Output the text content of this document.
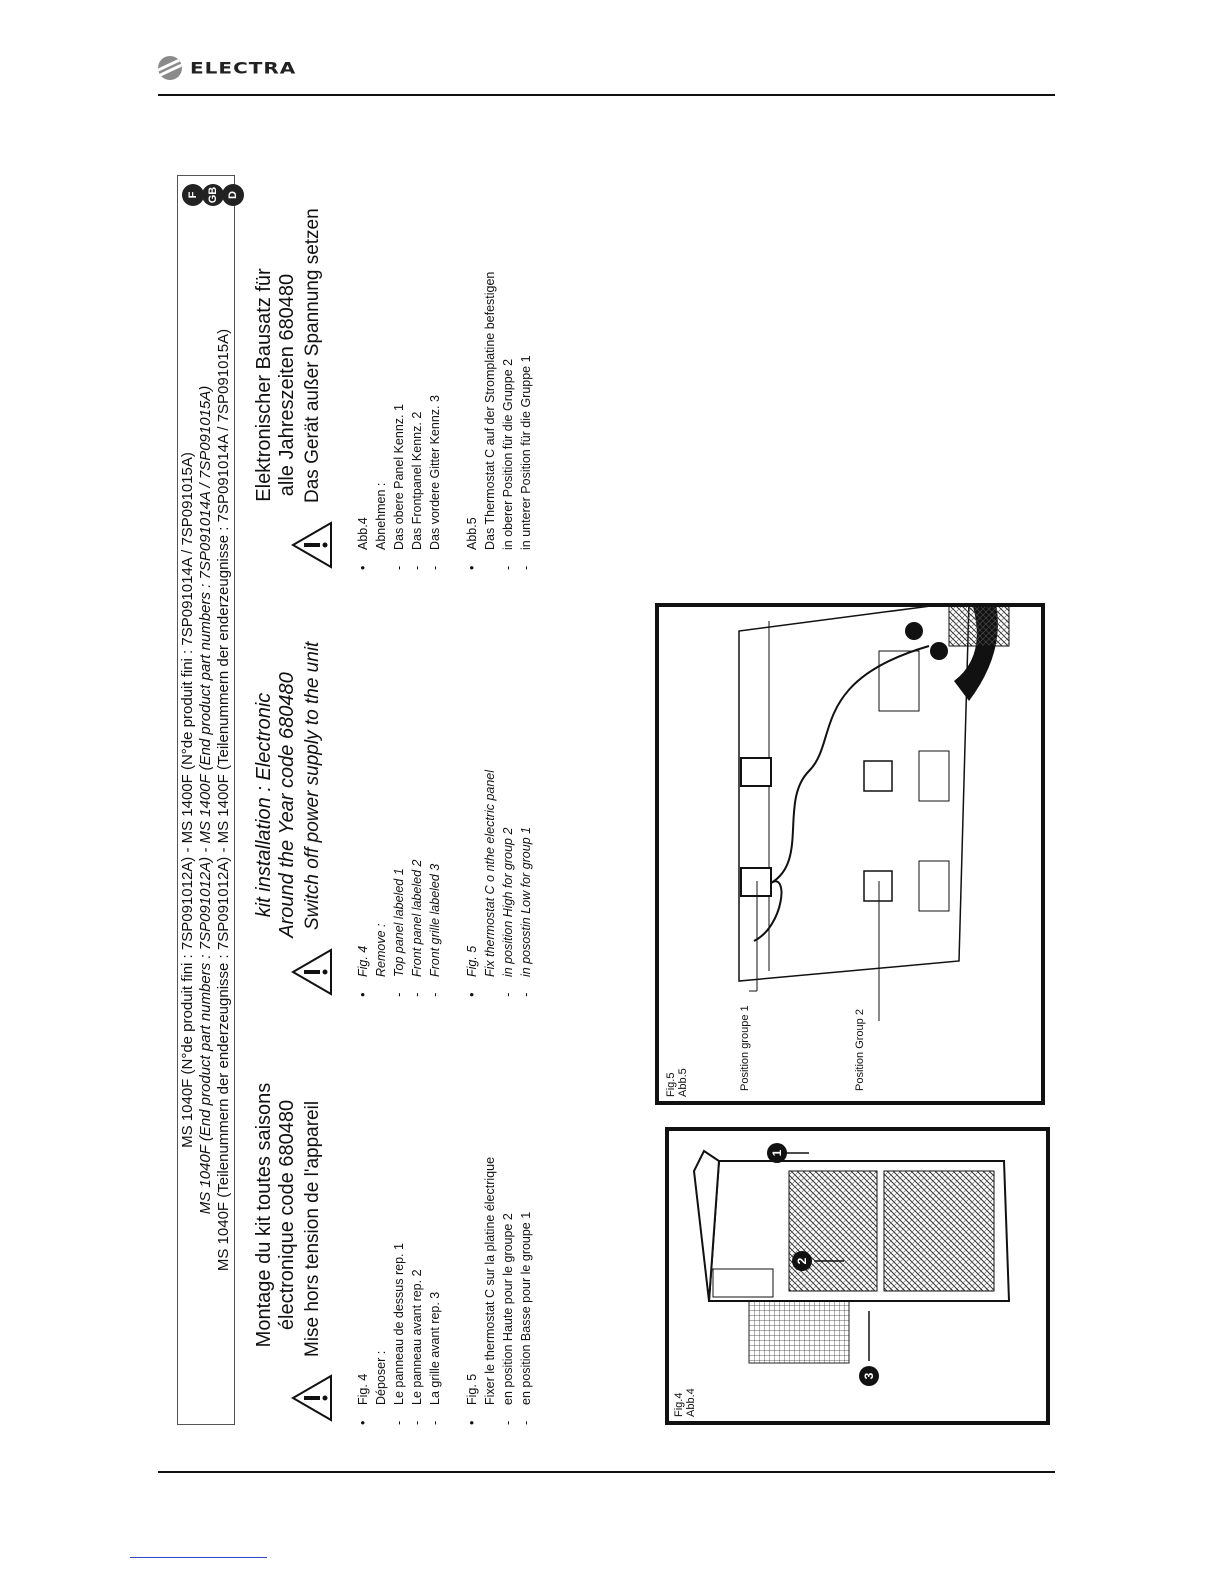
ELECTRA
MS 1040F (N°de produit fini : 7SP091012A) - MS 1400F (N°de produit fini : 7SP091014A / 7SP091015A) MS 1040F (End product part numbers : 7SP091012A) - MS 1400F (End product part numbers : 7SP091014A / 7SP091015A) MS 1040F (Teilenummern der enderzeugnisse : 7SP091012A) - MS 1400F (Teilenummern der enderzeugnisse : 7SP091014A / 7SP091015A)
F GB D
Montage du kit toutes saisons électronique code 680480
kit installation : Electronic Around the Year code 680480
Elektronischer Bausatz für alle Jahreszeiten 680480
Mise hors tension de l'appareil
Switch off power supply to the unit
Das Gerät außer Spannung setzen
•
Fig. 4 Déposer :
-
Le panneau de dessus rep. 1
-
Le panneau avant rep. 2
-
La grille avant rep. 3
•
Fig. 5 Fixer le thermostat C sur la platine électrique
-
en position Haute pour le groupe 2
-
en position Basse pour le groupe 1
•
Fig. 4 Remove :
-
Top panel labeled 1
-
Front panel labeled 2
-
Front grille labeled 3
•
Fig. 5 Fix thermostat C o nthe electric panel
-
in position High for group 2
-
in posostin Low for group 1
•
Abb.4 Abnehmen :
-
Das obere Panel Kennz. 1
-
Das Frontpanel Kennz. 2
-
Das vordere Gitter Kennz. 3
•
Abb.5 Das Thermostat C auf der Stromplatine befestigen
-
in oberer Position für die Gruppe 2
-
in unterer Position für die Gruppe 1
Fig.4 Abb.4
3
2
1
Fig.5 Abb.5	Position groupe 1	Position Group 2
